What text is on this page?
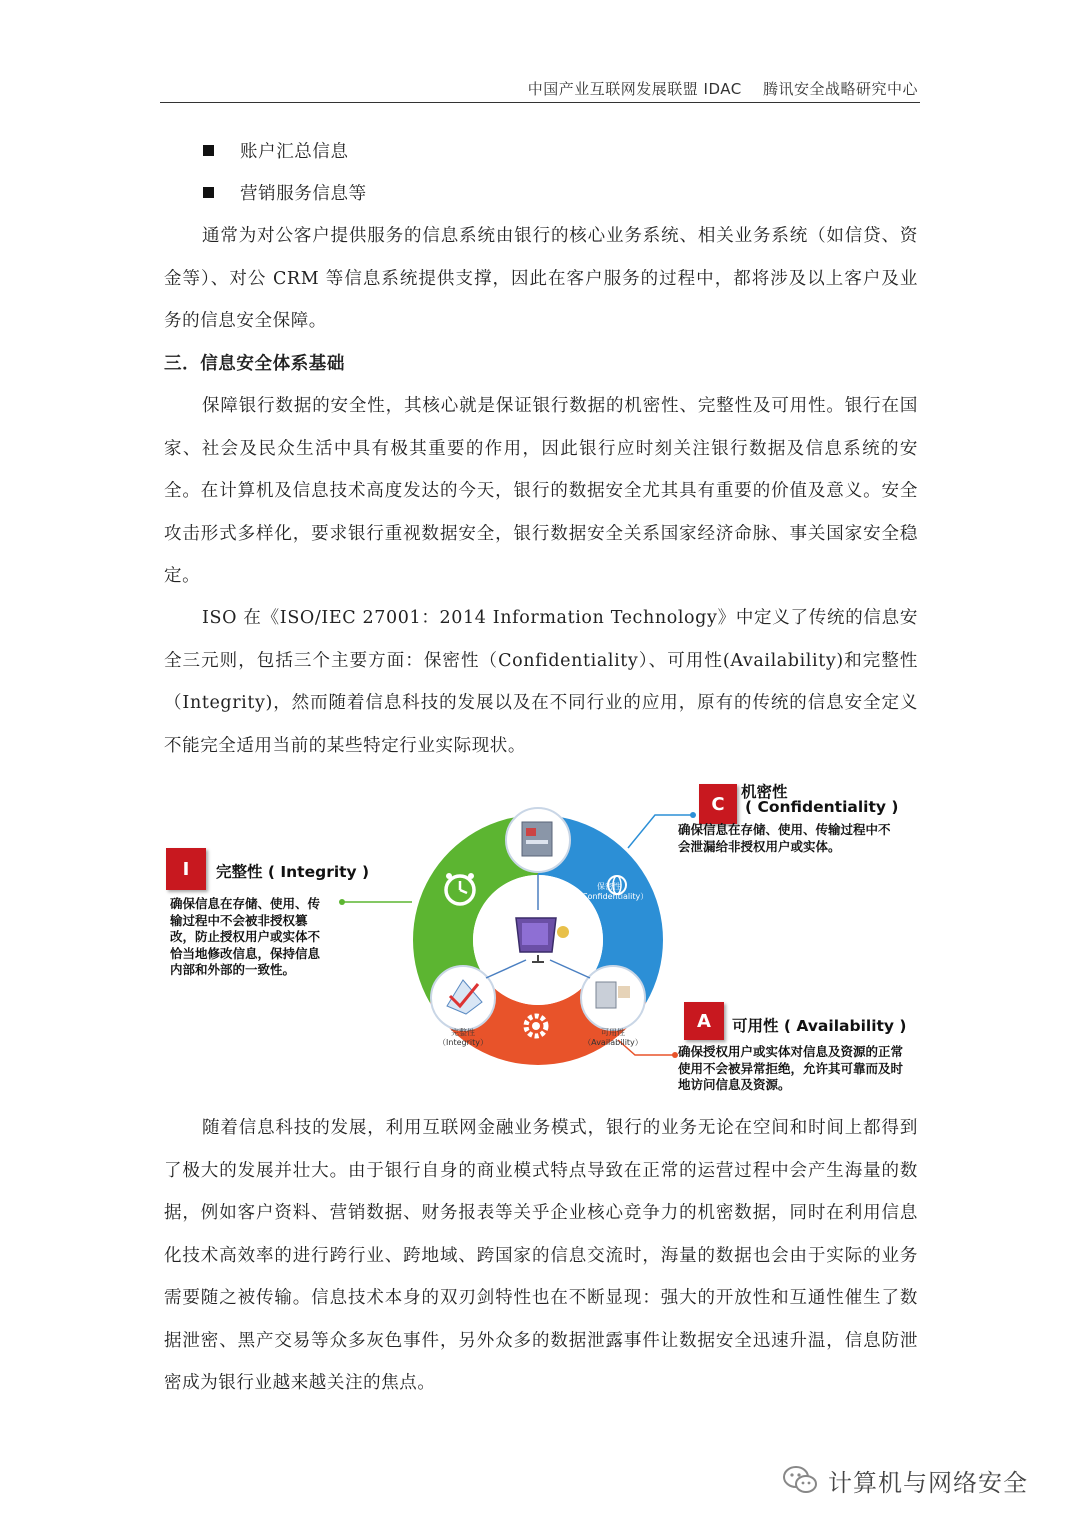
中国产业互联网发展联盟 IDAC 腾讯安全战略研究中心
账户汇总信息
营销服务信息等

通常为对公客户提供服务的信息系统由银行的核心业务系统、相关业务系统（如信贷、资金等）、对公 CRM 等信息系统提供支撑，因此在客户服务的过程中，都将涉及以上客户及业务的信息安全保障。

三．信息安全体系基础

保障银行数据的安全性，其核心就是保证银行数据的机密性、完整性及可用性。银行在国家、社会及民众生活中具有极其重要的作用，因此银行应时刻关注银行数据及信息系统的安全。在计算机及信息技术高度发达的今天，银行的数据安全尤其具有重要的价值及意义。安全攻击形式多样化，要求银行重视数据安全，银行数据安全关系国家经济命脉、事关国家安全稳定。

ISO 在《ISO/IEC 27001：2014 Information Technology》中定义了传统的信息安全三元则，包括三个主要方面：保密性（Confidentiality）、可用性(Availability)和完整性（Integrity)，然而随着信息科技的发展以及在不同行业的应用，原有的传统的信息安全定义不能完全适用当前的某些特定行业实际现状。

保密性
（Confidentiality）
完整性
（Integrity）
可用性
（Availability）
C
机密性
( Confidentiality )
确保信息在存储、使用、传输过程中不会泄漏给非授权用户或实体。
I	完整性 ( Integrity )
确保信息在存储、使用、传输过程中不会被非授权篡改，防止授权用户或实体不恰当地修改信息，保持信息内部和外部的一致性。
A	可用性 ( Availability )
确保授权用户或实体对信息及资源的正常使用不会被异常拒绝，允许其可靠而及时地访问信息及资源。

随着信息科技的发展，利用互联网金融业务模式，银行的业务无论在空间和时间上都得到了极大的发展并壮大。由于银行自身的商业模式特点导致在正常的运营过程中会产生海量的数据，例如客户资料、营销数据、财务报表等关乎企业核心竞争力的机密数据，同时在利用信息化技术高效率的进行跨行业、跨地域、跨国家的信息交流时，海量的数据也会由于实际的业务需要随之被传输。信息技术本身的双刃剑特性也在不断显现：强大的开放性和互通性催生了数据泄密、黑产交易等众多灰色事件，另外众多的数据泄露事件让数据安全迅速升温，信息防泄密成为银行业越来越关注的焦点。

计算机与网络安全
